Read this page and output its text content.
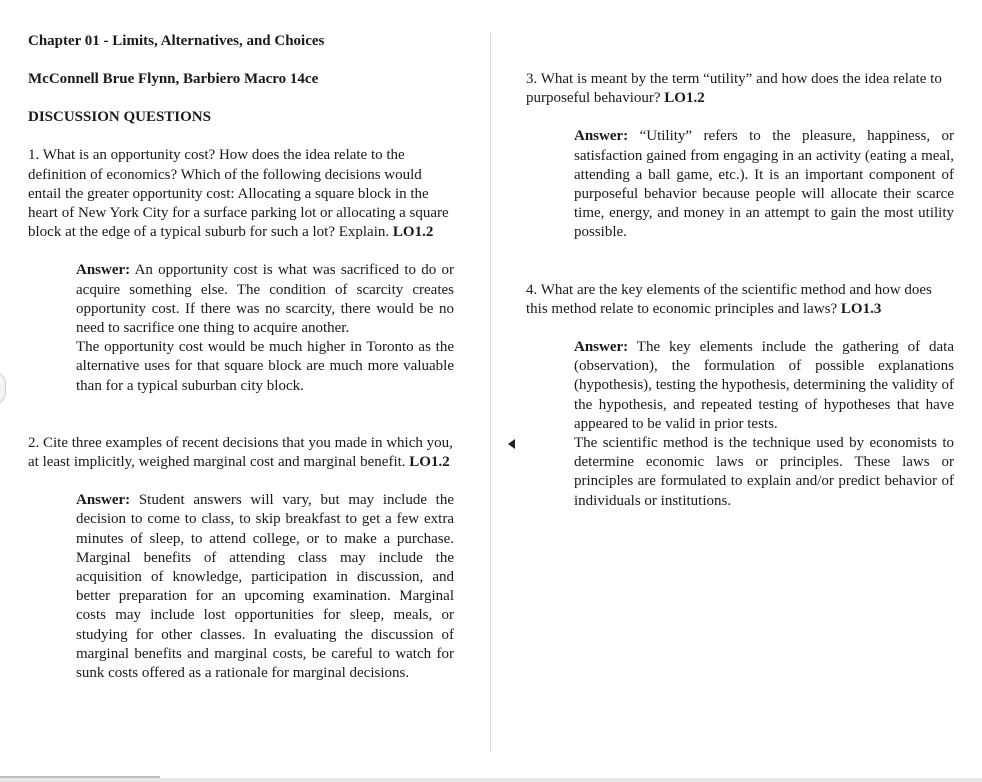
Chapter 01 - Limits, Alternatives, and Choices

McConnell Brue Flynn, Barbiero Macro 14ce

DISCUSSION QUESTIONS

1. What is an opportunity cost? How does the idea relate to the definition of economics? Which of the following decisions would entail the greater opportunity cost: Allocating a square block in the heart of New York City for a surface parking lot or allocating a square block at the edge of a typical suburb for such a lot? Explain. LO1.2

Answer: An opportunity cost is what was sacrificed to do or acquire something else. The condition of scarcity creates opportunity cost. If there was no scarcity, there would be no need to sacrifice one thing to acquire another.

The opportunity cost would be much higher in Toronto as the alternative uses for that square block are much more valuable than for a typical suburban city block.

2. Cite three examples of recent decisions that you made in which you, at least implicitly, weighed marginal cost and marginal benefit. LO1.2

Answer: Student answers will vary, but may include the decision to come to class, to skip breakfast to get a few extra minutes of sleep, to attend college, or to make a purchase. Marginal benefits of attending class may include the acquisition of knowledge, participation in discussion, and better preparation for an upcoming examination. Marginal costs may include lost opportunities for sleep, meals, or studying for other classes. In evaluating the discussion of marginal benefits and marginal costs, be careful to watch for sunk costs offered as a rationale for marginal decisions.

3. What is meant by the term “utility” and how does the idea relate to purposeful behaviour? LO1.2

Answer: “Utility” refers to the pleasure, happiness, or satisfaction gained from engaging in an activity (eating a meal, attending a ball game, etc.). It is an important component of purposeful behavior because people will allocate their scarce time, energy, and money in an attempt to gain the most utility possible.

4. What are the key elements of the scientific method and how does this method relate to economic principles and laws? LO1.3

Answer: The key elements include the gathering of data (observation), the formulation of possible explanations (hypothesis), testing the hypothesis, determining the validity of the hypothesis, and repeated testing of hypotheses that have appeared to be valid in prior tests.

The scientific method is the technique used by economists to determine economic laws or principles. These laws or principles are formulated to explain and/or predict behavior of individuals or institutions.
